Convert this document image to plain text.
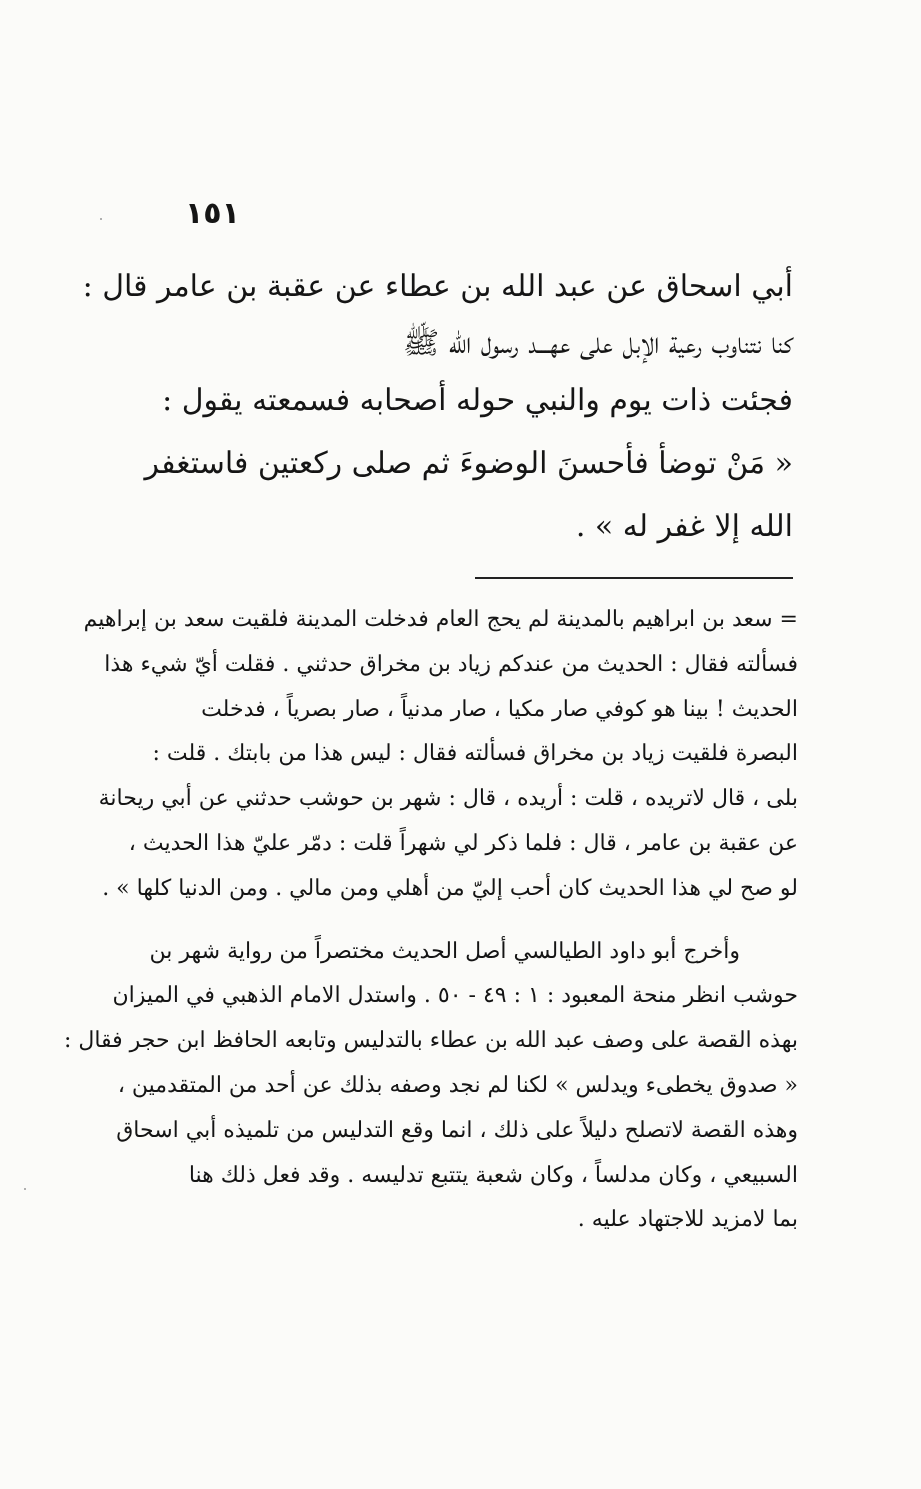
١٥١
أبي اسحاق عن عبد الله بن عطاء عن عقبة بن عامر قال :
كنا نتناوب رعية الإبل على عهـــد رسول الله ﷺ
فجئت ذات يوم والنبي حوله أصحابه فسمعته يقول :
« مَنْ توضأ فأحسنَ الوضوءَ ثم صلى ركعتين فاستغفر
الله إلا غفر له » .
= سعد بن ابراهيم بالمدينة لم يحج العام فدخلت المدينة فلقيت سعد بن إبراهيم
فسألته فقال : الحديث من عندكم زياد بن مخراق حدثني . فقلت أيّ شيء هذا
الحديث ! بينا هو كوفي صار مكيا ، صار مدنياً ، صار بصرياً ، فدخلت
البصرة فلقيت زياد بن مخراق فسألته فقال : ليس هذا من بابتك . قلت :
بلى ، قال لاتريده ، قلت : أريده ، قال : شهر بن حوشب حدثني عن أبي ريحانة
عن عقبة بن عامر ، قال : فلما ذكر لي شهراً قلت : دمّر عليّ هذا الحديث ،
لو صح لي هذا الحديث كان أحب إليّ من أهلي ومن مالي . ومن الدنيا كلها » .
وأخرج أبو داود الطيالسي أصل الحديث مختصراً من رواية شهر بن
حوشب انظر منحة المعبود : ١ : ٤٩ - ٥٠ . واستدل الامام الذهبي في الميزان
بهذه القصة على وصف عبد الله بن عطاء بالتدليس وتابعه الحافظ ابن حجر فقال :
« صدوق يخطىء ويدلس » لكنا لم نجد وصفه بذلك عن أحد من المتقدمين ،
وهذه القصة لاتصلح دليلاً على ذلك ، انما وقع التدليس من تلميذه أبي اسحاق
السبيعي ، وكان مدلساً ، وكان شعبة يتتبع تدليسه . وقد فعل ذلك هنا
بما لامزيد للاجتهاد عليه .
